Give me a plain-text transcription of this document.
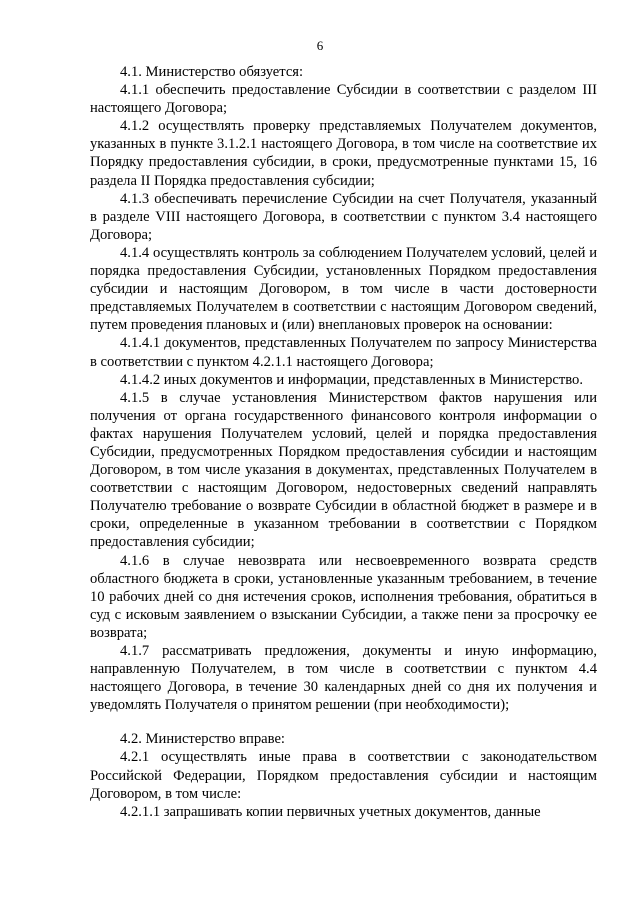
6

4.1. Министерство обязуется:

4.1.1 обеспечить предоставление Субсидии в соответствии с разделом III настоящего Договора;

4.1.2 осуществлять проверку представляемых Получателем документов, указанных в пункте 3.1.2.1 настоящего Договора, в том числе на соответствие их Порядку предоставления субсидии, в сроки, предусмотренные пунктами 15, 16 раздела II Порядка предоставления субсидии;

4.1.3 обеспечивать перечисление Субсидии на счет Получателя, указанный в разделе VIII настоящего Договора, в соответствии с пунктом 3.4 настоящего Договора;

4.1.4 осуществлять контроль за соблюдением Получателем условий, целей и порядка предоставления Субсидии, установленных Порядком предоставления субсидии и настоящим Договором, в том числе в части достоверности представляемых Получателем в соответствии с настоящим Договором сведений, путем проведения плановых и (или) внеплановых проверок на основании:

4.1.4.1 документов, представленных Получателем по запросу Министерства в соответствии с пунктом 4.2.1.1 настоящего Договора;

4.1.4.2 иных документов и информации, представленных в Министерство.

4.1.5 в случае установления Министерством фактов нарушения или получения от органа государственного финансового контроля информации о фактах нарушения Получателем условий, целей и порядка предоставления Субсидии, предусмотренных Порядком предоставления субсидии и настоящим Договором, в том числе указания в документах, представленных Получателем в соответствии с настоящим Договором, недостоверных сведений направлять Получателю требование о возврате Субсидии в областной бюджет в размере и в сроки, определенные в указанном требовании в соответствии с Порядком предоставления субсидии;

4.1.6 в случае невозврата или несвоевременного возврата средств областного бюджета в сроки, установленные указанным требованием, в течение 10 рабочих дней со дня истечения сроков, исполнения требования, обратиться в суд с исковым заявлением о взыскании Субсидии, а также пени за просрочку ее возврата;

4.1.7 рассматривать предложения, документы и иную информацию, направленную Получателем, в том числе в соответствии с пунктом 4.4 настоящего Договора, в течение 30 календарных дней со дня их получения и уведомлять Получателя о принятом решении (при необходимости);

4.2. Министерство вправе:

4.2.1 осуществлять иные права в соответствии с законодательством Российской Федерации, Порядком предоставления субсидии и настоящим Договором, в том числе:

4.2.1.1 запрашивать копии первичных учетных документов, данные
